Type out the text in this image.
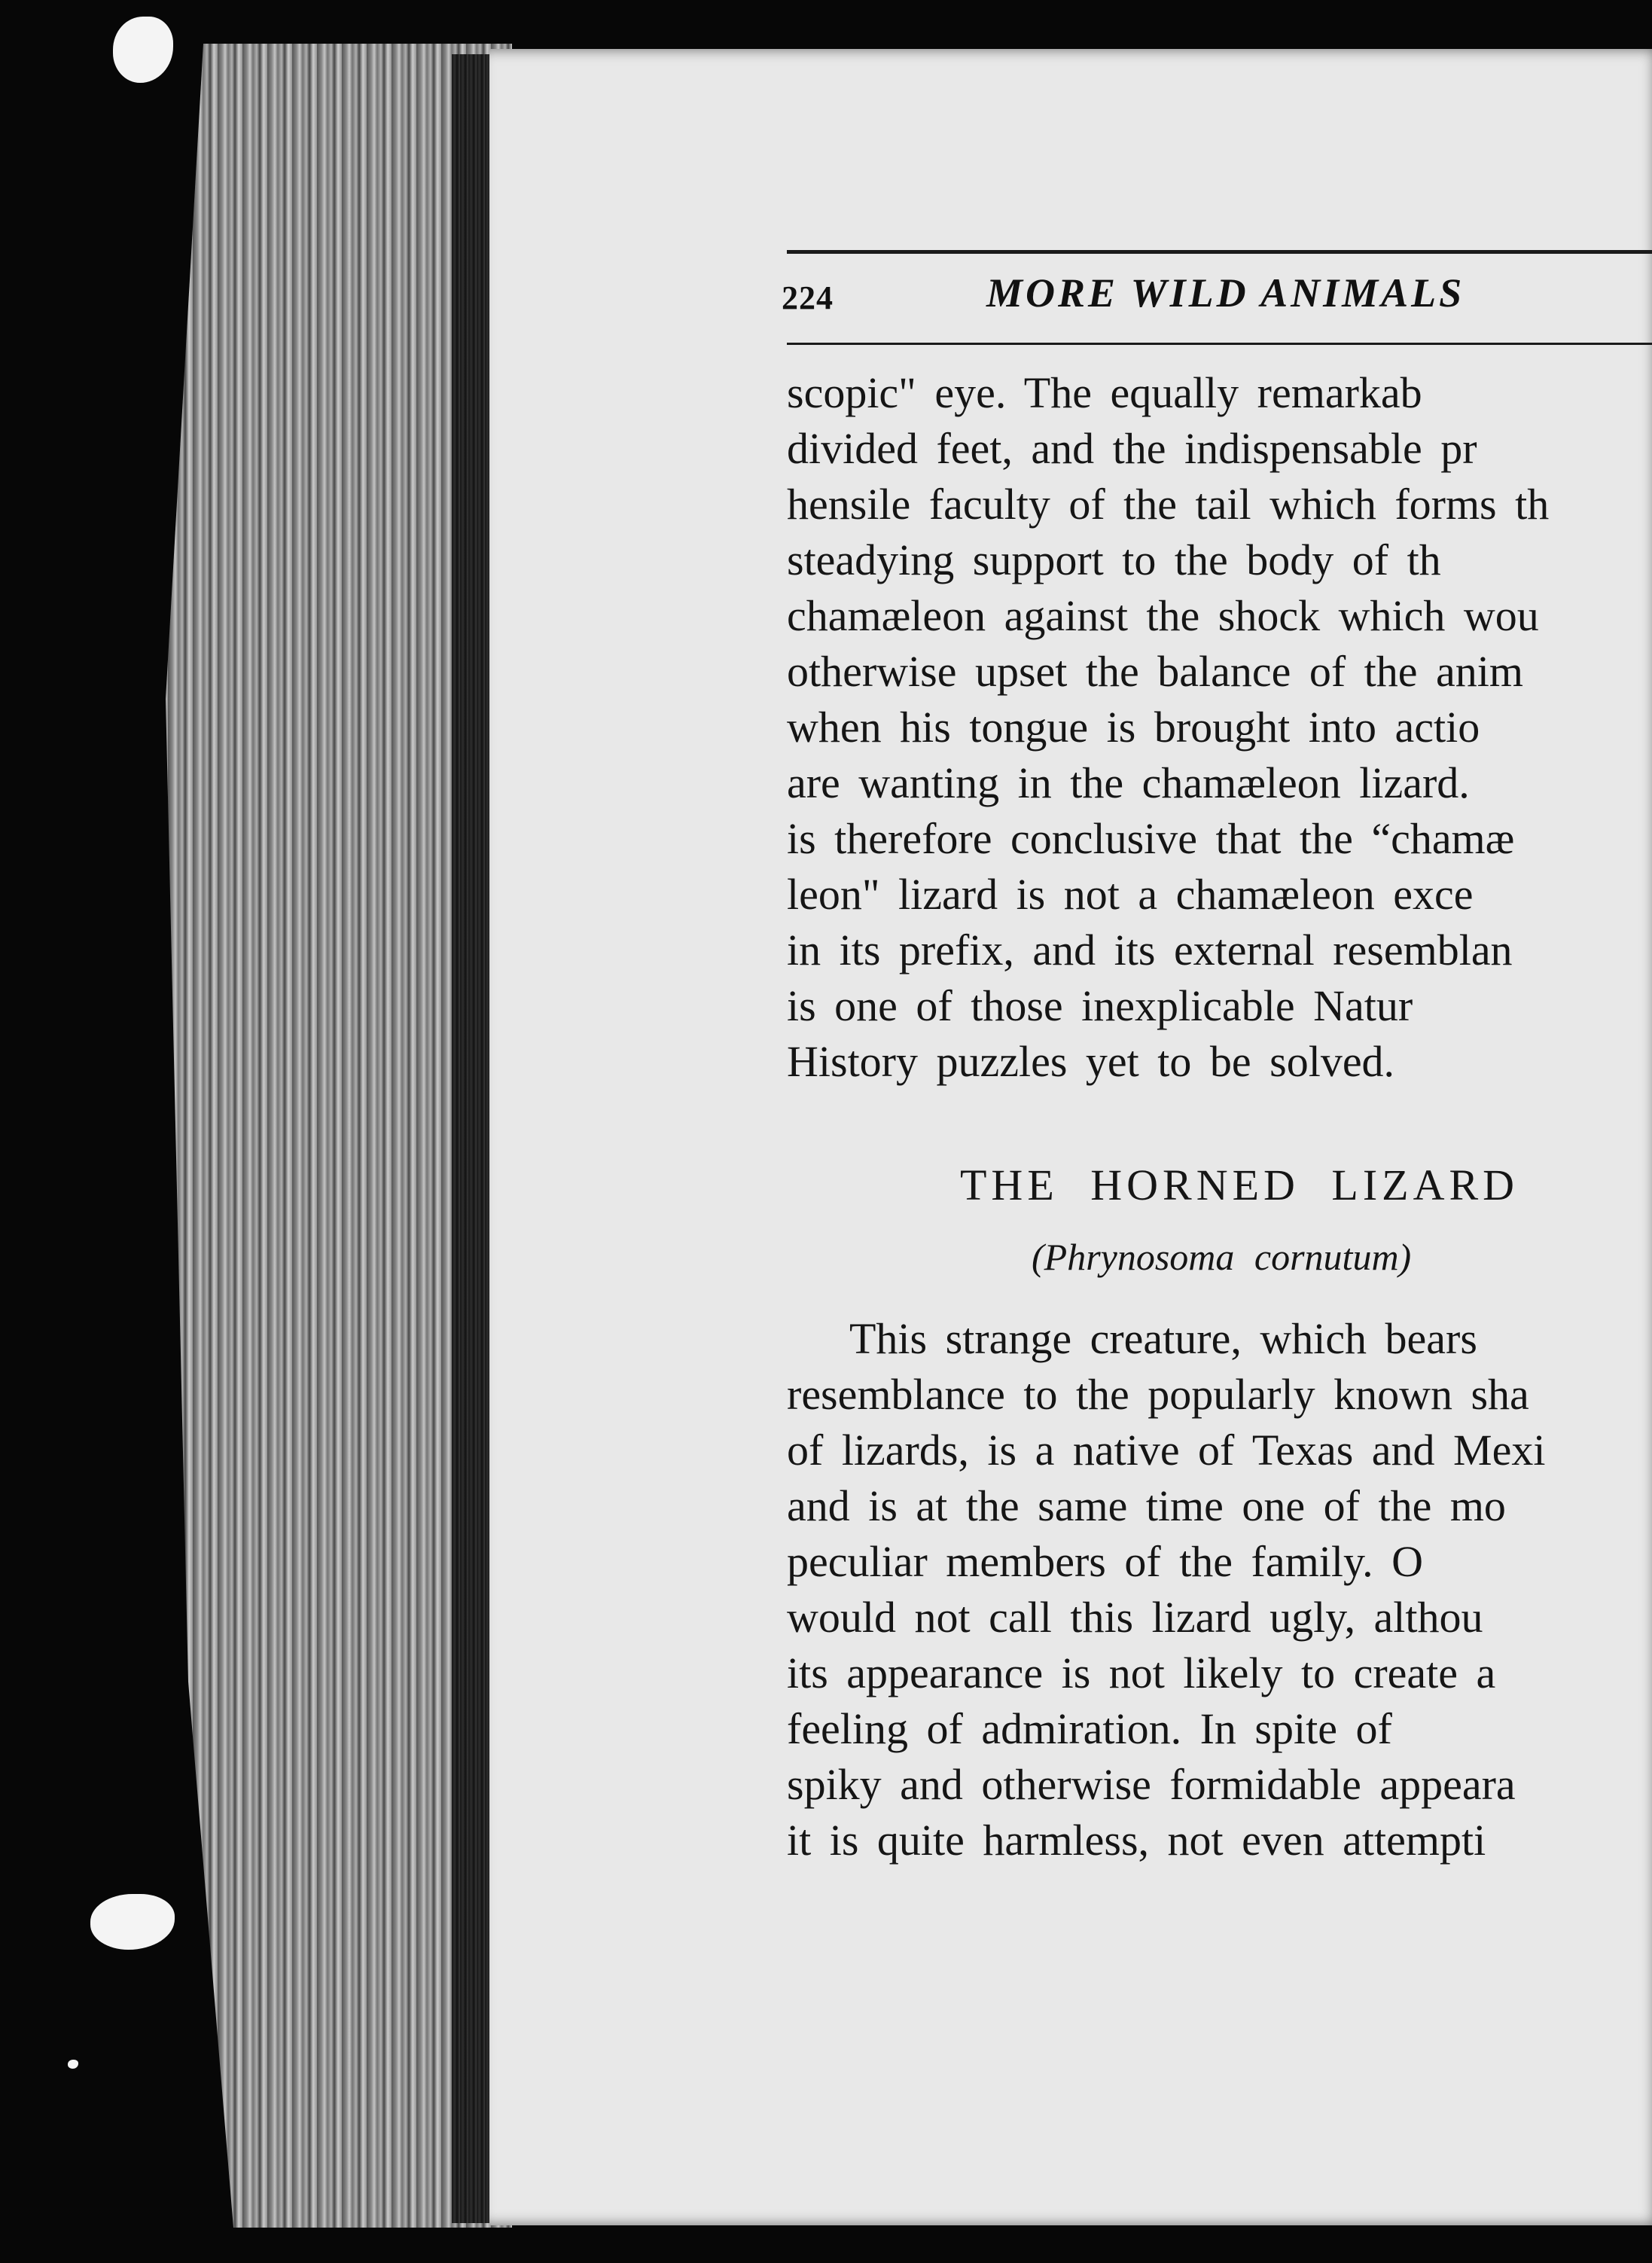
224	MORE WILD ANIMALS
scopic" eye. The equally remarkab
divided feet, and the indispensable pr
hensile faculty of the tail which forms th
steadying support to the body of th
chamæleon against the shock which wou
otherwise upset the balance of the anim
when his tongue is brought into actio
are wanting in the chamæleon lizard.
is therefore conclusive that the “chamæ
leon" lizard is not a chamæleon exce
in its prefix, and its external resemblan
is one of those inexplicable Natur
History puzzles yet to be solved.
THE HORNED LIZARD
(Phrynosoma cornutum)
This strange creature, which bears
resemblance to the popularly known sha
of lizards, is a native of Texas and Mexi
and is at the same time one of the mo
peculiar members of the family. O
would not call this lizard ugly, althou
its appearance is not likely to create a
feeling of admiration. In spite of
spiky and otherwise formidable appeara
it is quite harmless, not even attempti
